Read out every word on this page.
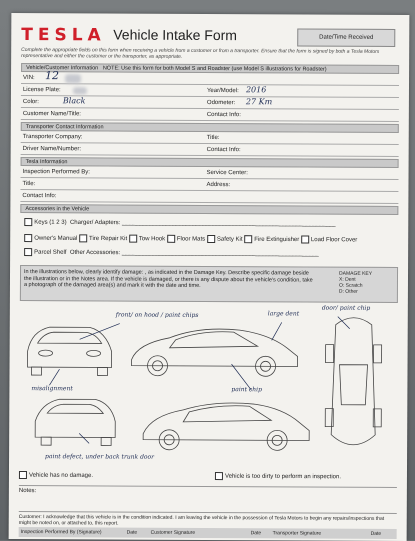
TESLA Vehicle Intake Form	Date/Time Received
Complete the appropriate fields on this form when receiving a vehicle from a customer or from a transporter. Ensure that the form is signed by both a Tesla Motors representative and either the customer or the transporter, as appropriate.
Vehicle/Customer Information NOTE: Use this form for both Model S and Roadster (use Model S illustrations for Roadster)
VIN: 12
License Plate:	Year/Model: 2016
Color:	Black	Odometer: 27 Km
Customer Name/Title:	Contact Info:
Transporter Contact Information
Transporter Company:	Title:
Driver Name/Number:	Contact Info:
Tesla Information
Inspection Performed By:	Service Center:
Title:	Address:
Contact Info:
Accessories in the Vehicle
Keys (1 2 3) Charger/ Adapters: ________________________________________________________________
Owner's Manual Tire Repair Kit Tow Hook Floor Mats Safety Kit Fire Extinguisher Load Floor Cover
Parcel Shelf Other Accessories: ___________________________________________________________
In the illustrations below, clearly identify damage: , as indicated in the Damage Key. Describe specific damage beside the illustration or in the Notes area. If the vehicle is damaged, or there is any dispute about the vehicle's condition, take a photograph of the damaged area(s) and mark it with the date and time.
DAMAGE KEY
X: Dent
O: Scratch
D: Other
front/ on hood / paint chips	large dent
door/ paint chip
misalignment	paint chip
paint defect, under back trunk door
Vehicle has no damage.	Vehicle is too dirty to perform an inspection.
Notes:
Customer: I acknowledge that this vehicle is in the condition indicated. I am leaving the vehicle in the possession of Tesla Motors to begin any repairs/inspections that might be noted on, or attached to, this report.
Inspection Performed By (Signature)	Date	Customer Signature	Date Transporter Signature	Date
